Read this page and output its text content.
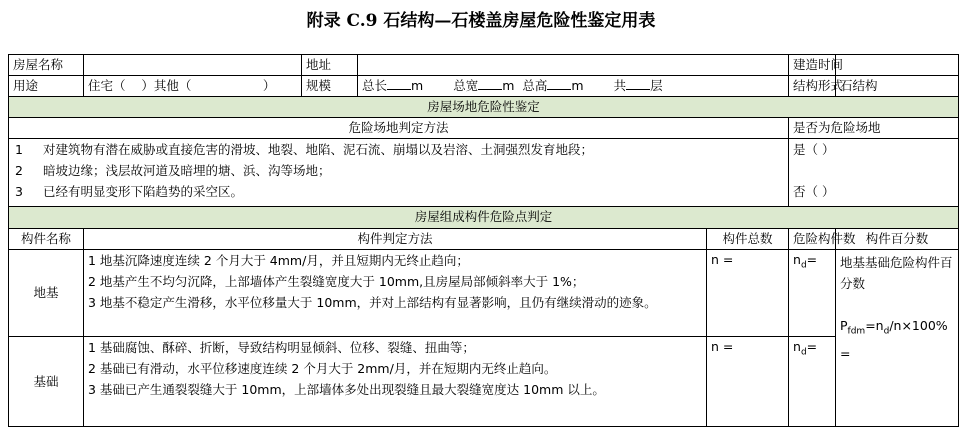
附录 C.9 石结构—石楼盖房屋危险性鉴定用表
房屋名称		地址			建造时间	
用途	住宅（    ）其他（                  ）	规模	总长 m 总宽 m 总高 m 共 层		结构形式	石结构
房屋场地危险性鉴定						
危险场地判定方法					是否为危险场地	

1 对建筑物有潜在威胁或直接危害的滑坡、地裂、地陷、泥石流、崩塌以及岩溶、土洞强烈发育地段；
2 暗坡边缘；浅层故河道及暗埋的塘、浜、沟等场地；
3 已经有明显变形下陷趋势的采空区。					是（ ）

否（ ）	

房屋组成构件危险点判定						
构件名称	构件判定方法			构件总数	危险构件数	构件百分数
地基	1 地基沉降速度连续 2 个月大于 4mm/月，并且短期内无终止趋向；
2 地基产生不均匀沉降，上部墙体产生裂缝宽度大于 10mm,且房屋局部倾斜率大于 1%；
3 地基不稳定产生滑移，水平位移量大于 10mm，并对上部结构有显著影响，且仍有继续滑动的迹象。			n =	$n_d=$	地基基础危险构件百分数

$P_{fdm}=n_d/n\times 100\%$
=

基础	1 基础腐蚀、酥碎、折断，导致结构明显倾斜、位移、裂缝、扭曲等；
2 基础已有滑动，水平位移速度连续 2 个月大于 2mm/月，并在短期内无终止趋向。
3 基础已产生通裂裂缝大于 10mm，上部墙体多处出现裂缝且最大裂缝宽度达 10mm 以上。			n =	$n_d=$	
